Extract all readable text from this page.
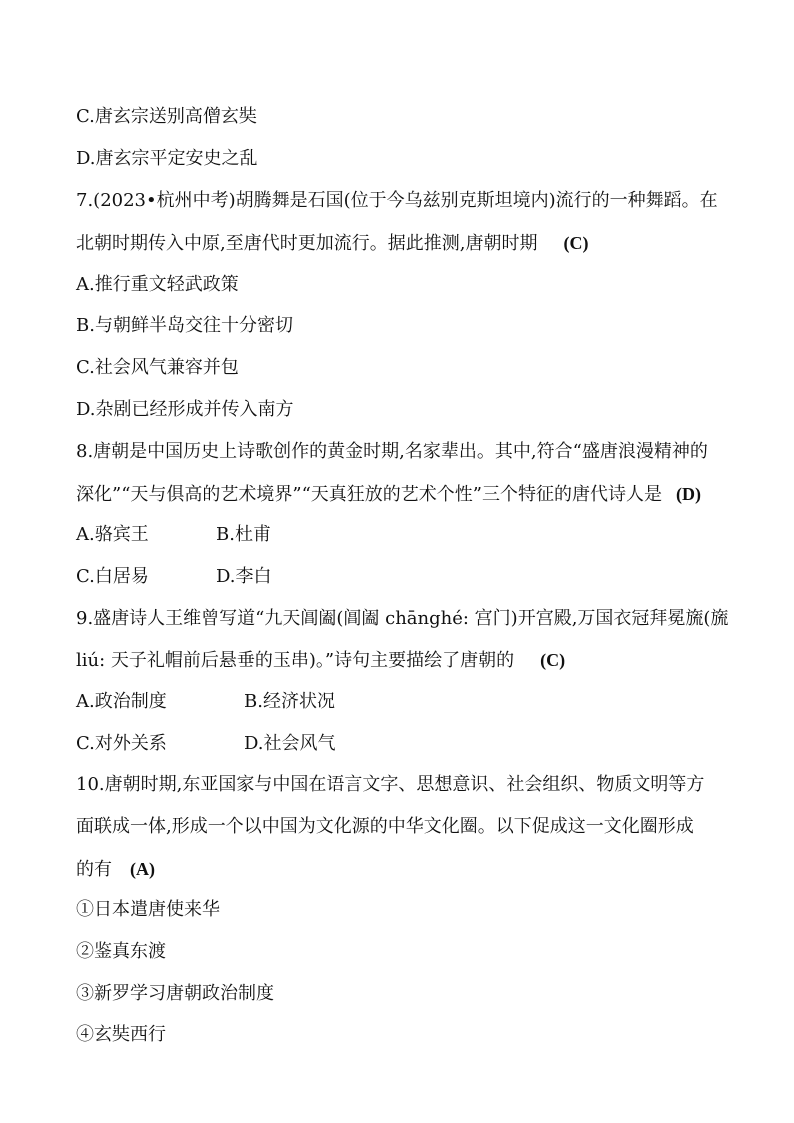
C.唐玄宗送别高僧玄奘
D.唐玄宗平定安史之乱
7.(2023•杭州中考)胡腾舞是石国(位于今乌兹别克斯坦境内)流行的一种舞蹈。在
北朝时期传入中原,至唐代时更加流行。据此推测,唐朝时期 (C)
A.推行重文轻武政策
B.与朝鲜半岛交往十分密切
C.社会风气兼容并包
D.杂剧已经形成并传入南方
8.唐朝是中国历史上诗歌创作的黄金时期,名家辈出。其中,符合“盛唐浪漫精神的
深化”“天与俱高的艺术境界”“天真狂放的艺术个性”三个特征的唐代诗人是 (D)
A.骆宾王	B.杜甫
C.白居易	D.李白
9.盛唐诗人王维曾写道“九天阊阖(阊阖 chānghé: 宫门)开宫殿,万国衣冠拜冕旒(旒
liú: 天子礼帽前后悬垂的玉串)。”诗句主要描绘了唐朝的 (C)
A.政治制度	B.经济状况
C.对外关系	D.社会风气
10.唐朝时期,东亚国家与中国在语言文字、思想意识、社会组织、物质文明等方
面联成一体,形成一个以中国为文化源的中华文化圈。以下促成这一文化圈形成
的有 (A)
①日本遣唐使来华
②鉴真东渡
③新罗学习唐朝政治制度
④玄奘西行
